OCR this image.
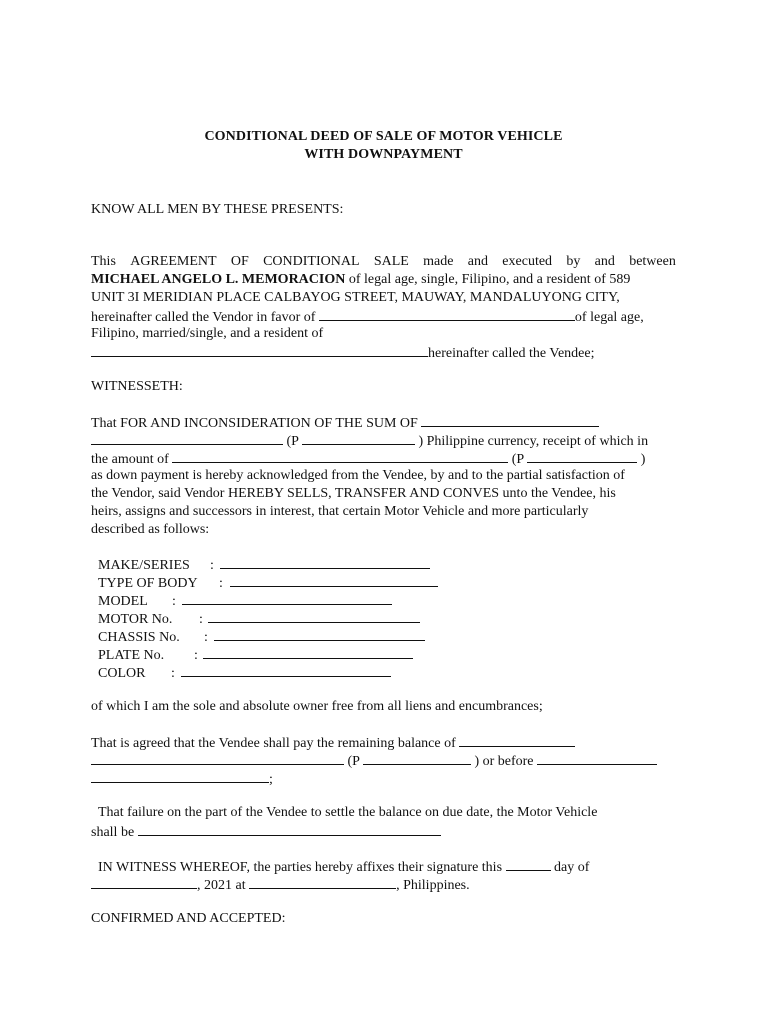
CONDITIONAL DEED OF SALE OF MOTOR VEHICLE
WITH DOWNPAYMENT
KNOW ALL MEN BY THESE PRESENTS:
This AGREEMENT OF CONDITIONAL SALE made and executed by and between
MICHAEL ANGELO L. MEMORACION of legal age, single, Filipino, and a resident of 589
UNIT 3I MERIDIAN PLACE CALBAYOG STREET, MAUWAY, MANDALUYONG CITY,
hereinafter called the Vendor in favor of	of legal age,
Filipino, married/single, and a resident of
hereinafter called the Vendee;
WITNESSETH:
That FOR AND INCONSIDERATION OF THE SUM OF
(P	) Philippine currency, receipt of which in
the amount of	(P	)
as down payment is hereby acknowledged from the Vendee, by and to the partial satisfaction of
the Vendor, said Vendor HEREBY SELLS, TRANSFER AND CONVES unto the Vendee, his
heirs, assigns and successors in interest, that certain Motor Vehicle and more particularly
described as follows:
MAKE/SERIES :
TYPE OF BODY :
MODEL :
MOTOR No. :
CHASSIS No. :
PLATE No. :
COLOR :
of which I am the sole and absolute owner free from all liens and encumbrances;
That is agreed that the Vendee shall pay the remaining balance of
(P	) or before
;
That failure on the part of the Vendee to settle the balance on due date, the Motor Vehicle
shall be
IN WITNESS WHEREOF, the parties hereby affixes their signature this	day of
, 2021 at	, Philippines.
CONFIRMED AND ACCEPTED:
